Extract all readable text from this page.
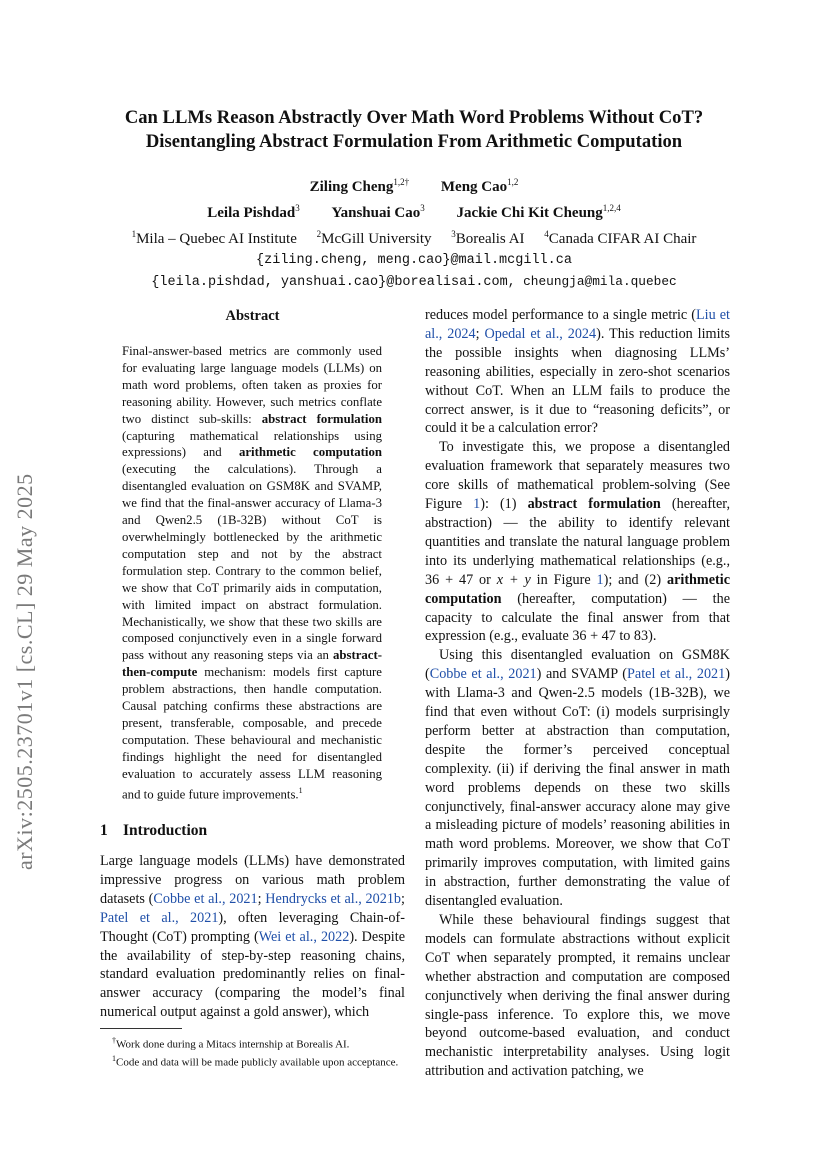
arXiv:2505.23701v1 [cs.CL] 29 May 2025
Can LLMs Reason Abstractly Over Math Word Problems Without CoT?
Disentangling Abstract Formulation From Arithmetic Computation
Ziling Cheng$^{1,2\dagger}$ Meng Cao$^{1,2}$
Leila Pishdad$^3$ Yanshuai Cao$^3$ Jackie Chi Kit Cheung$^{1,2,4}$
$^1$Mila – Quebec AI Institute $^2$McGill University $^3$Borealis AI $^4$Canada CIFAR AI Chair
{ziling.cheng, meng.cao}@mail.mcgill.ca
{leila.pishdad, yanshuai.cao}@borealisai.com, cheungja@mila.quebec
Abstract

Final-answer-based metrics are commonly used for evaluating large language models (LLMs) on math word problems, often taken as proxies for reasoning ability. However, such metrics conflate two distinct sub-skills: abstract formulation (capturing mathematical relationships using expressions) and arithmetic computation (executing the calculations). Through a disentangled evaluation on GSM8K and SVAMP, we find that the final-answer accuracy of Llama-3 and Qwen2.5 (1B-32B) without CoT is overwhelmingly bottlenecked by the arithmetic computation step and not by the abstract formulation step. Contrary to the common belief, we show that CoT primarily aids in computation, with limited impact on abstract formulation. Mechanistically, we show that these two skills are composed conjunctively even in a single forward pass without any reasoning steps via an abstract-then-compute mechanism: models first capture problem abstractions, then handle computation. Causal patching confirms these abstractions are present, transferable, composable, and precede computation. These behavioural and mechanistic findings highlight the need for disentangled evaluation to accurately assess LLM reasoning and to guide future improvements.$^1$

1 Introduction

Large language models (LLMs) have demonstrated impressive progress on various math problem datasets (Cobbe et al., 2021; Hendrycks et al., 2021b; Patel et al., 2021), often leveraging Chain-of-Thought (CoT) prompting (Wei et al., 2022). Despite the availability of step-by-step reasoning chains, standard evaluation predominantly relies on final-answer accuracy (comparing the model’s final numerical output against a gold answer), which

†Work done during a Mitacs internship at Borealis AI.

$^1$Code and data will be made publicly available upon acceptance.

reduces model performance to a single metric (Liu et al., 2024; Opedal et al., 2024). This reduction limits the possible insights when diagnosing LLMs’ reasoning abilities, especially in zero-shot scenarios without CoT. When an LLM fails to produce the correct answer, is it due to “reasoning deficits”, or could it be a calculation error?

To investigate this, we propose a disentangled evaluation framework that separately measures two core skills of mathematical problem-solving (See Figure 1): (1) abstract formulation (hereafter, abstraction) — the ability to identify relevant quantities and translate the natural language problem into its underlying mathematical relationships (e.g., 36 + 47 or x + y in Figure 1); and (2) arithmetic computation (hereafter, computation) — the capacity to calculate the final answer from that expression (e.g., evaluate 36 + 47 to 83).

Using this disentangled evaluation on GSM8K (Cobbe et al., 2021) and SVAMP (Patel et al., 2021) with Llama-3 and Qwen-2.5 models (1B-32B), we find that even without CoT: (i) models surprisingly perform better at abstraction than computation, despite the former’s perceived conceptual complexity. (ii) if deriving the final answer in math word problems depends on these two skills conjunctively, final-answer accuracy alone may give a misleading picture of models’ reasoning abilities in math word problems. Moreover, we show that CoT primarily improves computation, with limited gains in abstraction, further demonstrating the value of disentangled evaluation.

While these behavioural findings suggest that models can formulate abstractions without explicit CoT when separately prompted, it remains unclear whether abstraction and computation are composed conjunctively when deriving the final answer during single-pass inference. To explore this, we move beyond outcome-based evaluation, and conduct mechanistic interpretability analyses. Using logit attribution and activation patching, we
